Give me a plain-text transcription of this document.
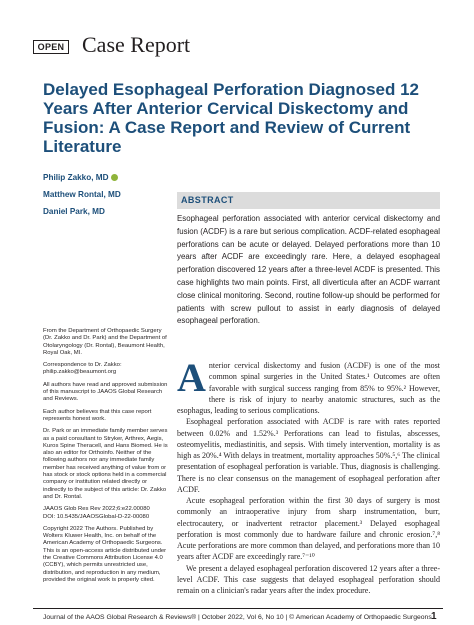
OPEN Case Report
Delayed Esophageal Perforation Diagnosed 12 Years After Anterior Cervical Diskectomy and Fusion: A Case Report and Review of Current Literature
Philip Zakko, MD
Matthew Rontal, MD
Daniel Park, MD
ABSTRACT
Esophageal perforation associated with anterior cervical diskectomy and fusion (ACDF) is a rare but serious complication. ACDF-related esophageal perforations can be acute or delayed. Delayed perforations more than 10 years after ACDF are exceedingly rare. Here, a delayed esophageal perforation discovered 12 years after a three-level ACDF is presented. This case highlights two main points. First, all diverticula after an ACDF warrant close clinical monitoring. Second, routine follow-up should be performed for patients with screw pullout to assist in early diagnosis of delayed esophageal perforation.

From the Department of Orthopaedic Surgery (Dr. Zakko and Dr. Park) and the Department of Otolaryngology (Dr. Rontal), Beaumont Health, Royal Oak, MI.

Correspondence to Dr. Zakko: philip.zakko@beaumont.org

All authors have read and approved submission of this manuscript to JAAOS Global Research and Reviews.

Each author believes that this case report represents honest work.

Dr. Park or an immediate family member serves as a paid consultant to Stryker, Arthrex, Aegis, Kuros Spine Theracell, and Hans Biomed. He is also an editor for Orthoinfo. Neither of the following authors nor any immediate family member has received anything of value from or has stock or stock options held in a commercial company or institution related directly or indirectly to the subject of this article: Dr. Zakko and Dr. Rontal.

JAAOS Glob Res Rev 2022;6:e22.00080

DOI: 10.5435/JAAOSGlobal-D-22-00080

Copyright 2022 The Authors. Published by Wolters Kluwer Health, Inc. on behalf of the American Academy of Orthopaedic Surgeons. This is an open-access article distributed under the Creative Commons Attribution License 4.0 (CCBY), which permits unrestricted use, distribution, and reproduction in any medium, provided the original work is properly cited.

Anterior cervical diskectomy and fusion (ACDF) is one of the most common spinal surgeries in the United States.¹ Outcomes are often favorable with surgical success ranging from 85% to 95%.² However, there is risk of injury to nearby anatomic structures, such as the esophagus, leading to serious complications.

Esophageal perforation associated with ACDF is rare with rates reported between 0.02% and 1.52%.³ Perforations can lead to fistulas, abscesses, osteomyelitis, mediastinitis, and sepsis. With timely intervention, mortality is as high as 20%.⁴ With delays in treatment, mortality approaches 50%.⁵,⁶ The clinical presentation of esophageal perforation is variable. Thus, diagnosis is challenging. There is no clear consensus on the management of esophageal perforation after ACDF.

Acute esophageal perforation within the first 30 days of surgery is most commonly an intraoperative injury from sharp instrumentation, burr, electrocautery, or inadvertent retractor placement.³ Delayed esophageal perforation is most commonly due to hardware failure and chronic erosion.⁷,⁸ Acute perforations are more common than delayed, and perforations more than 10 years after ACDF are exceedingly rare.⁷⁻¹⁰

We present a delayed esophageal perforation discovered 12 years after a three-level ACDF. This case suggests that delayed esophageal perforation should remain on a clinician's radar years after the index procedure.

Journal of the AAOS Global Research & Reviews® | October 2022, Vol 6, No 10 | © American Academy of Orthopaedic Surgeons 1
